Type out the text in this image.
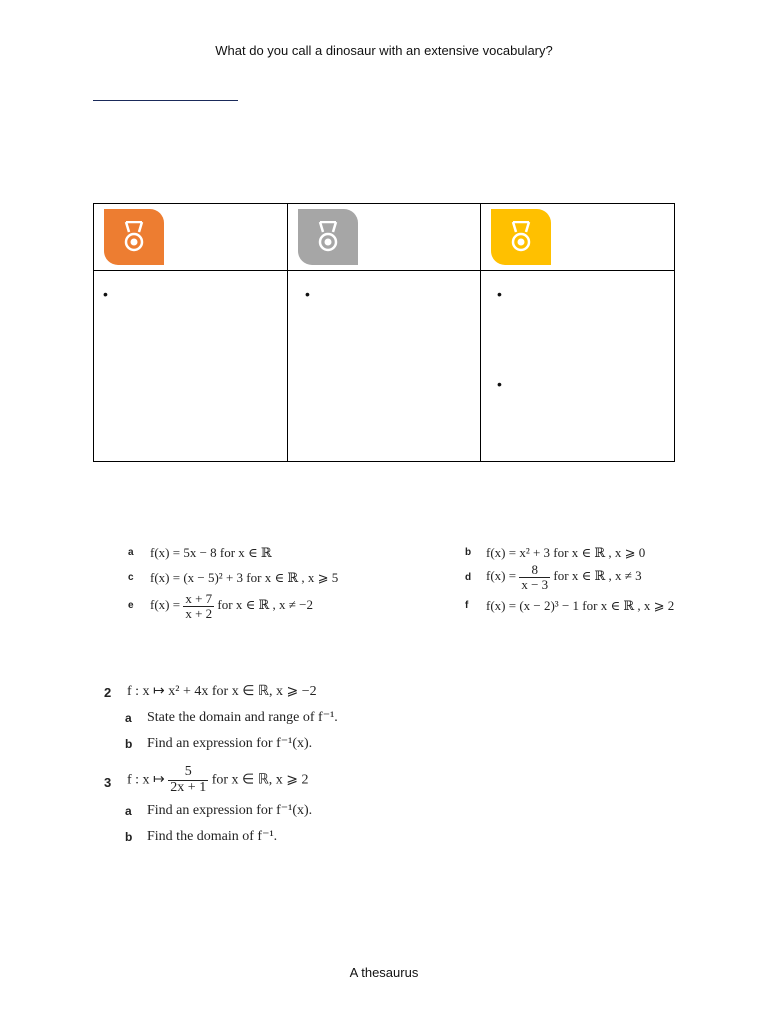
What do you call a dinosaur with an extensive vocabulary?

•	•	•
•
a f(x) = 5x − 8 for x ∈ ℝ	b f(x) = x² + 3 for x ∈ ℝ , x ⩾ 0
c f(x) = (x − 5)² + 3 for x ∈ ℝ , x ⩾ 5	d $f(x) = \frac{8}{x - 3}$ for x ∈ ℝ , x ≠ 3
e $f(x) = \frac{x + 7}{x + 2}$ for x ∈ ℝ , x ≠ −2	f f(x) = (x − 2)³ − 1 for x ∈ ℝ , x ⩾ 2
2 f : x ↦ x² + 4x for x ∈ ℝ, x ⩾ −2
a State the domain and range of f⁻¹.
b Find an expression for f⁻¹(x).
3 f : x ↦ $\frac{5}{2x + 1}$ for x ∈ ℝ, x ⩾ 2
a Find an expression for f⁻¹(x).
b Find the domain of f⁻¹.
A thesaurus
